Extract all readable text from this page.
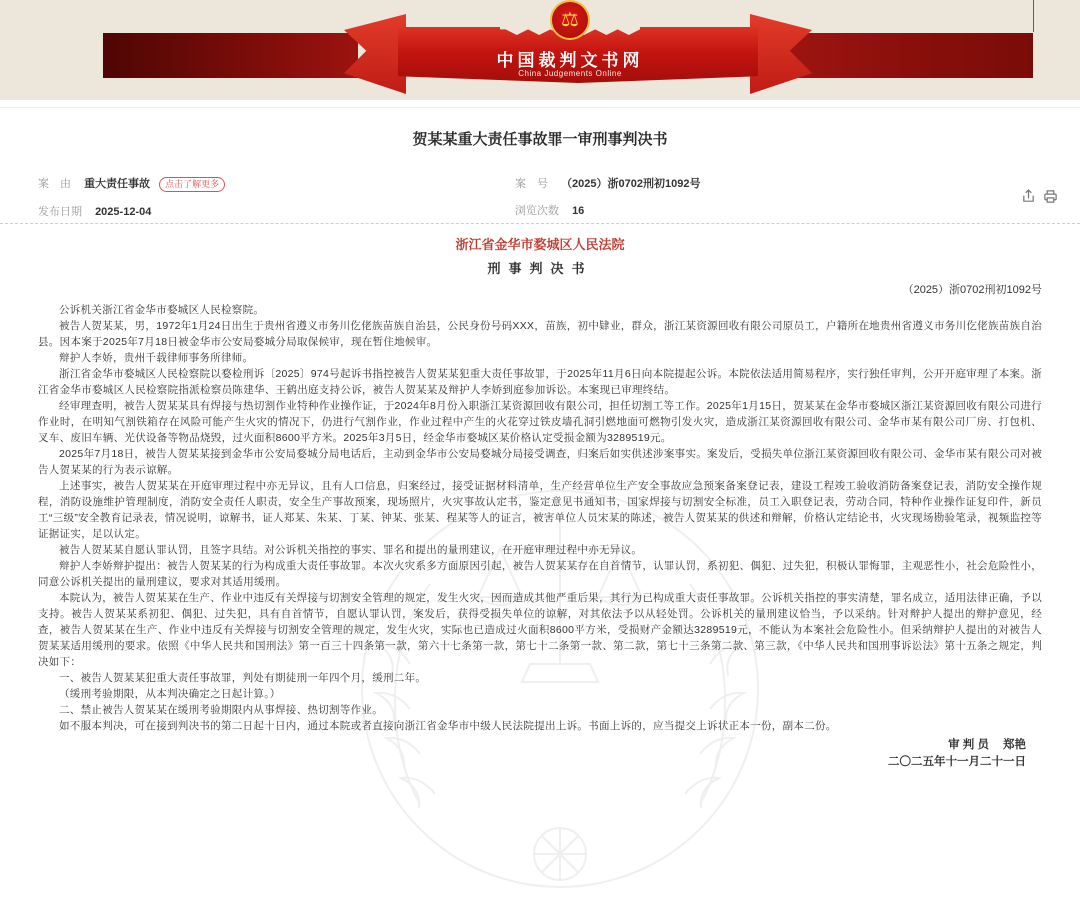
⚖
中国裁判文书网
China Judgements Online
贺某某重大责任事故罪一审刑事判决书
案　由 重大责任事故 点击了解更多
发布日期 2025-12-04
案　号 （2025）浙0702刑初1092号
浏览次数 16
浙江省金华市婺城区人民法院
刑事判决书
（2025）浙0702刑初1092号

公诉机关浙江省金华市婺城区人民检察院。

被告人贺某某，男，1972年1月24日出生于贵州省遵义市务川仡佬族苗族自治县，公民身份号码XXX，苗族，初中肄业，群众，浙江某资源回收有限公司原员工，户籍所在地贵州省遵义市务川仡佬族苗族自治县。因本案于2025年7月18日被金华市公安局婺城分局取保候审，现在暂住地候审。

辩护人李娇，贵州千载律师事务所律师。

浙江省金华市婺城区人民检察院以婺检刑诉〔2025〕974号起诉书指控被告人贺某某犯重大责任事故罪，于2025年11月6日向本院提起公诉。本院依法适用简易程序，实行独任审判，公开开庭审理了本案。浙江省金华市婺城区人民检察院指派检察员陈建华、王鹤出庭支持公诉，被告人贺某某及辩护人李娇到庭参加诉讼。本案现已审理终结。

经审理查明，被告人贺某某具有焊接与热切割作业特种作业操作证，于2024年8月份入职浙江某资源回收有限公司，担任切割工等工作。2025年1月15日，贺某某在金华市婺城区浙江某资源回收有限公司进行作业时，在明知气割铁箱存在风险可能产生火灾的情况下，仍进行气割作业，作业过程中产生的火花穿过铁皮墙孔洞引燃地面可燃物引发火灾，造成浙江某资源回收有限公司、金华市某有限公司厂房、打包机、叉车、废旧车辆、光伏设备等物品烧毁，过火面积8600平方米。2025年3月5日，经金华市婺城区某价格认定受损金额为3289519元。

2025年7月18日，被告人贺某某接到金华市公安局婺城分局电话后，主动到金华市公安局婺城分局接受调查，归案后如实供述涉案事实。案发后，受损失单位浙江某资源回收有限公司、金华市某有限公司对被告人贺某某的行为表示谅解。

上述事实，被告人贺某某在开庭审理过程中亦无异议，且有人口信息，归案经过，接受证据材料清单，生产经营单位生产安全事故应急预案备案登记表，建设工程竣工验收消防备案登记表，消防安全操作规程，消防设施维护管理制度，消防安全责任人职责，安全生产事故预案，现场照片，火灾事故认定书，鉴定意见书通知书，国家焊接与切割安全标准，员工入职登记表，劳动合同，特种作业操作证复印件，新员工“三级”安全教育记录表，情况说明，谅解书，证人郑某、朱某、丁某、钟某、张某、程某等人的证言，被害单位人员宋某的陈述，被告人贺某某的供述和辩解，价格认定结论书，火灾现场勘验笔录，视频监控等证据证实，足以认定。

被告人贺某某自愿认罪认罚，且签字具结。对公诉机关指控的事实、罪名和提出的量刑建议，在开庭审理过程中亦无异议。

辩护人李娇辩护提出：被告人贺某某的行为构成重大责任事故罪。本次火灾系多方面原因引起，被告人贺某某存在自首情节，认罪认罚，系初犯、偶犯、过失犯，积极认罪悔罪，主观恶性小，社会危险性小，同意公诉机关提出的量刑建议，要求对其适用缓刑。

本院认为，被告人贺某某在生产、作业中违反有关焊接与切割安全管理的规定，发生火灾，因而造成其他严重后果，其行为已构成重大责任事故罪。公诉机关指控的事实清楚，罪名成立，适用法律正确，予以支持。被告人贺某某系初犯、偶犯、过失犯，具有自首情节，自愿认罪认罚，案发后，获得受损失单位的谅解，对其依法予以从轻处罚。公诉机关的量刑建议恰当，予以采纳。针对辩护人提出的辩护意见，经查，被告人贺某某在生产、作业中违反有关焊接与切割安全管理的规定，发生火灾，实际也已造成过火面积8600平方米，受损财产金额达3289519元，不能认为本案社会危险性小。但采纳辩护人提出的对被告人贺某某适用缓刑的要求。依照《中华人民共和国刑法》第一百三十四条第一款，第六十七条第一款，第七十二条第一款、第二款，第七十三条第二款、第三款，《中华人民共和国刑事诉讼法》第十五条之规定，判决如下：

一、被告人贺某某犯重大责任事故罪，判处有期徒刑一年四个月，缓刑二年。

（缓刑考验期限，从本判决确定之日起计算。）

二、禁止被告人贺某某在缓刑考验期限内从事焊接、热切割等作业。

如不服本判决，可在接到判决书的第二日起十日内，通过本院或者直接向浙江省金华市中级人民法院提出上诉。书面上诉的，应当提交上诉状正本一份，副本二份。

审 判 员 郑艳
二〇二五年十一月二十一日
